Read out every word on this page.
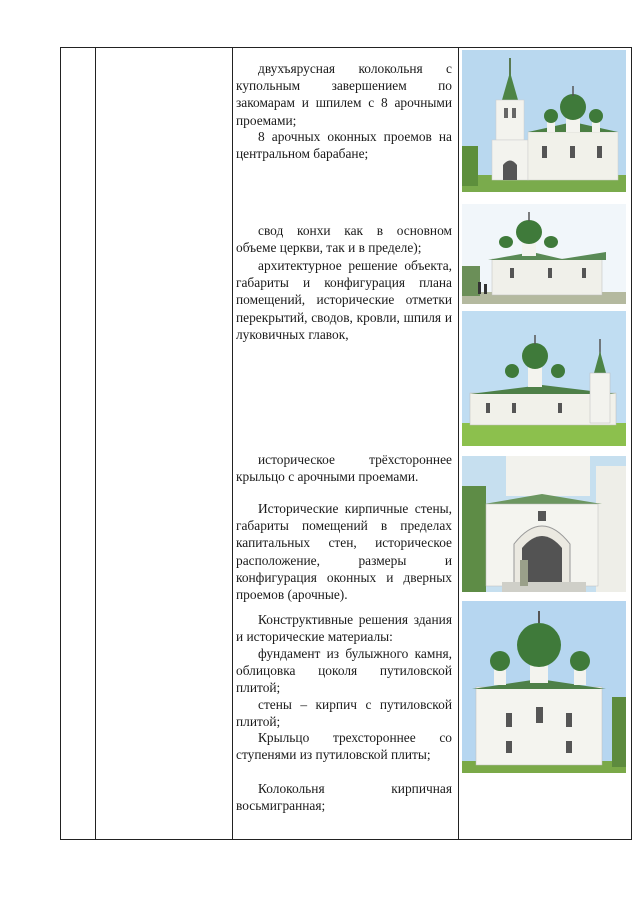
двухъярусная колокольня с купольным завершением по закомарам и шпилем с 8 арочными проемами;

8 арочных оконных проемов на центральном барабане;

свод конхи как в основном объеме церкви, так и в пределе);

архитектурное решение объекта, габариты и конфигурация плана помещений, исторические отметки перекрытий, сводов, кровли, шпиля и луковичных главок,

историческое трёхстороннее крыльцо с арочными проемами.

Исторические кирпичные стены, габариты помещений в пределах капитальных стен, историческое расположение, размеры и конфигурация оконных и дверных проемов (арочные).

Конструктивные решения здания и исторические материалы:

фундамент из булыжного камня, облицовка цоколя путиловской плитой;

стены – кирпич с путиловской плитой;

Крыльцо трехстороннее со ступенями из путиловской плиты;

Колокольня кирпичная восьмигранная;
